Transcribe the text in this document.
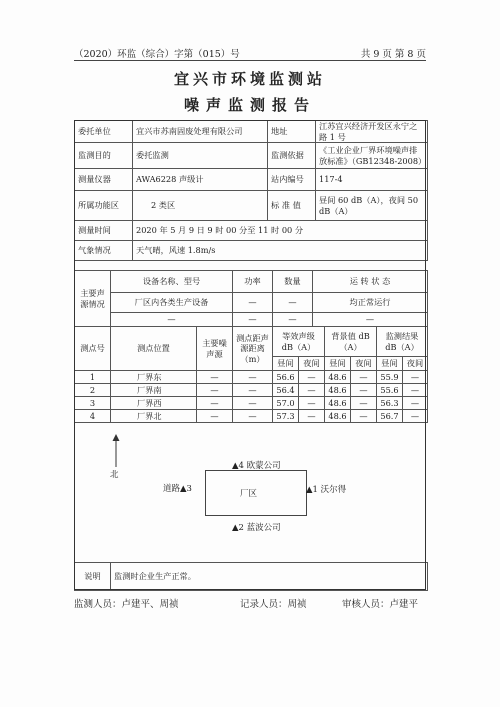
（2020）环监（综合）字第（015）号	共 9 页 第 8 页
宜兴市环境监测站
噪声监测报告
委托单位	宜兴市苏南固废处理有限公司	地址	江苏宜兴经济开发区永宁之路 1 号
监测目的	委托监测	监测依据	《工业企业厂界环境噪声排放标准》（GB12348-2008）
测量仪器	AWA6228 声级计	站内编号	117-4
所属功能区	2 类区	标 准 值	昼间 60 dB（A），夜间 50 dB（A）
测量时间	2020 年 5 月 9 日 9 时 00 分至 11 时 00 分		
气象情况	天气晴，风速 1.8m/s		
主要声源情况	设备名称、型号	功率	数量	运 转 状 态
	厂区内各类生产设备	—	—	均正常运行
	—	—	—	—
测点号	测点位置	主要噪声源	测点距声源距离（m）	等效声级 dB（A）		背景值 dB（A）		监测结果 dB（A）	
				昼间	夜间	昼间	夜间	昼间	夜间
1	厂界东	—	—	56.6	—	48.6	—	55.9	—
2	厂界南	—	—	56.4	—	48.6	—	55.6	—
3	厂界西	—	—	57.0	—	48.6	—	56.3	—
4	厂界北	—	—	57.3	—	48.6	—	56.7	—
北
▲4 欧蒙公司
厂区
道路▲3	▲1 沃尔得
▲2 蓝波公司
说明	监测时企业生产正常。
监测人员：卢建平、周祯	记录人员：周祯	审核人员：卢建平
